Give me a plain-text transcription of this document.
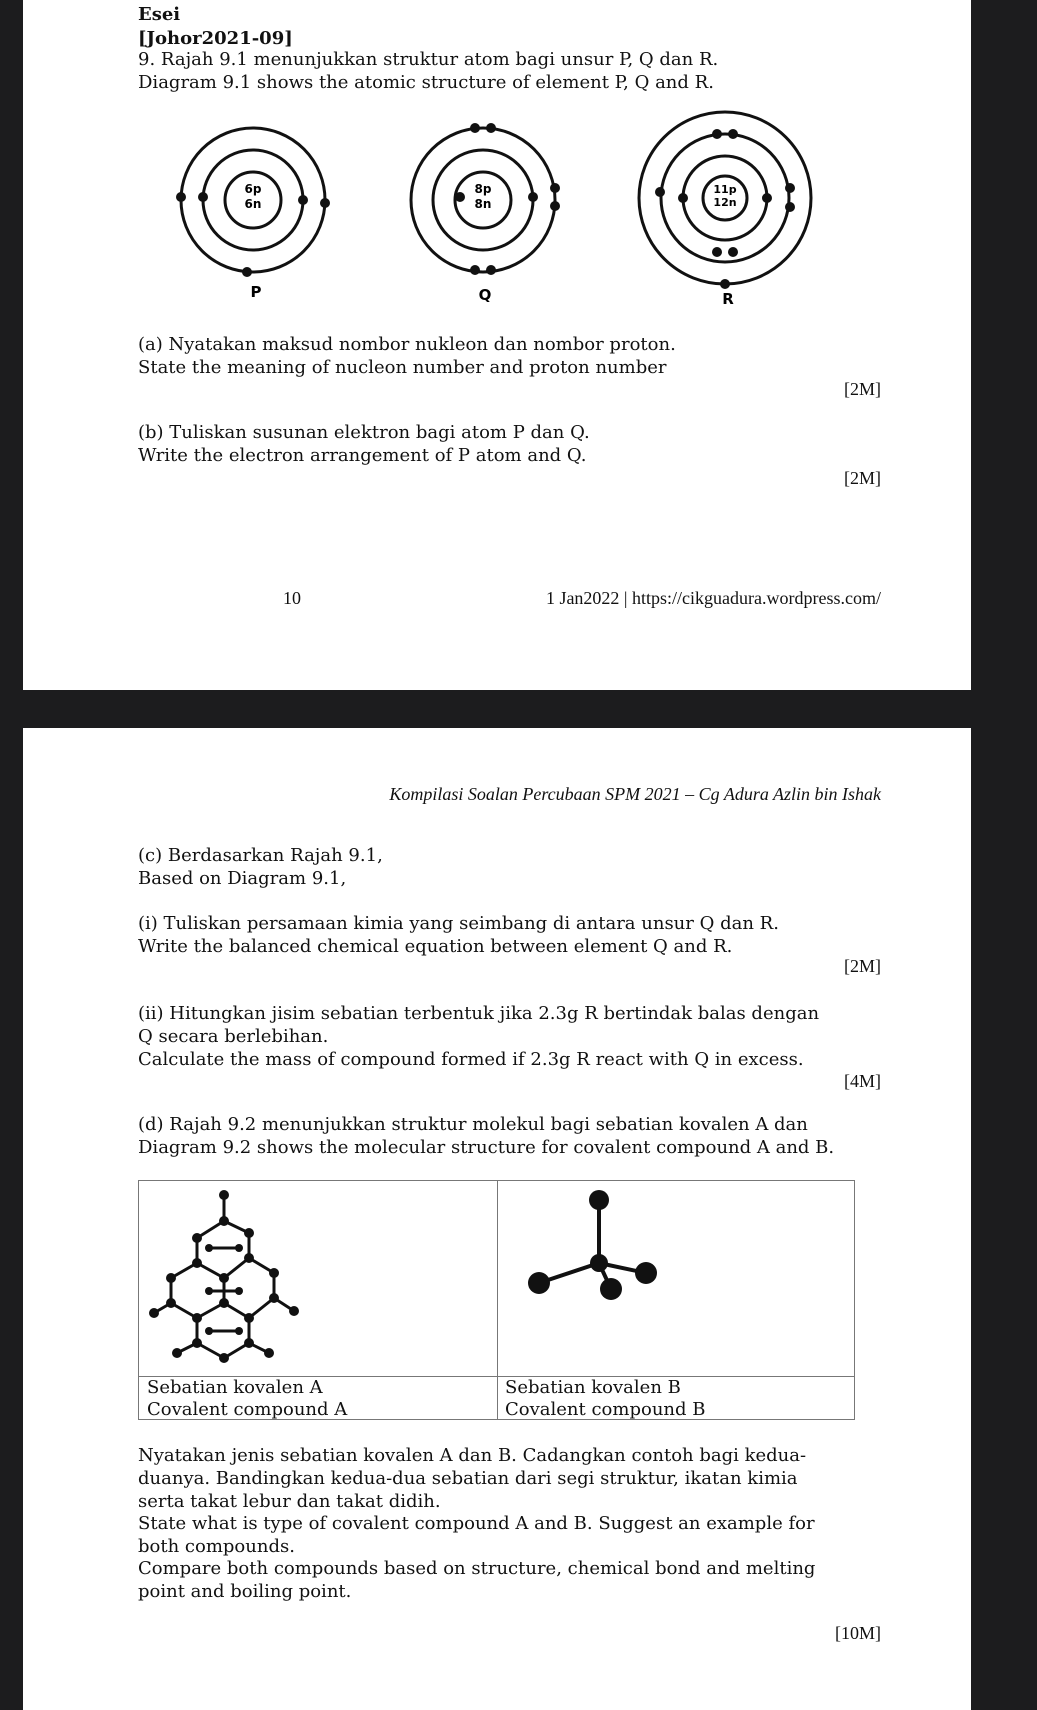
Esei
[Johor2021-09]
9. Rajah 9.1 menunjukkan struktur atom bagi unsur P, Q dan R.
Diagram 9.1 shows the atomic structure of element P, Q and R.
6p
6n
P
8p
8n
Q
11p
12n
R
(a) Nyatakan maksud nombor nukleon dan nombor proton.
State the meaning of nucleon number and proton number
[2M]
(b) Tuliskan susunan elektron bagi atom P dan Q.
Write the electron arrangement of P atom and Q.
[2M]
10	1 Jan2022 | https://cikguadura.wordpress.com/
Kompilasi Soalan Percubaan SPM 2021 – Cg Adura Azlin bin Ishak
(c) Berdasarkan Rajah 9.1,
Based on Diagram 9.1,
(i) Tuliskan persamaan kimia yang seimbang di antara unsur Q dan R.
Write the balanced chemical equation between element Q and R.
[2M]
(ii) Hitungkan jisim sebatian terbentuk jika 2.3g R bertindak balas dengan
Q secara berlebihan.
Calculate the mass of compound formed if 2.3g R react with Q in excess.
[4M]
(d) Rajah 9.2 menunjukkan struktur molekul bagi sebatian kovalen A dan
Diagram 9.2 shows the molecular structure for covalent compound A and B.
Sebatian kovalen A
Covalent compound A
Sebatian kovalen B
Covalent compound B
Nyatakan jenis sebatian kovalen A dan B. Cadangkan contoh bagi kedua-
duanya. Bandingkan kedua-dua sebatian dari segi struktur, ikatan kimia
serta takat lebur dan takat didih.
State what is type of covalent compound A and B. Suggest an example for
both compounds.
Compare both compounds based on structure, chemical bond and melting
point and boiling point.
[10M]
